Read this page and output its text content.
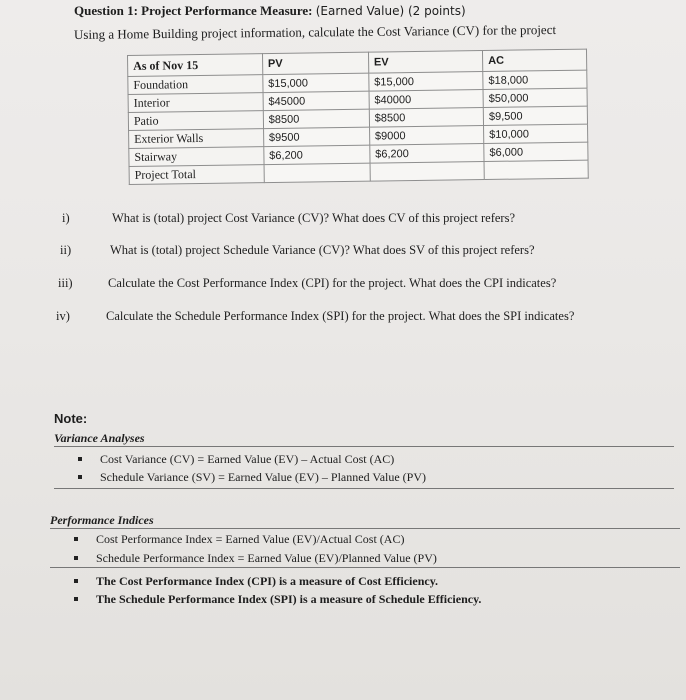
Question 1: Project Performance Measure: (Earned Value) (2 points)
Using a Home Building project information, calculate the Cost Variance (CV) for the project
As of Nov 15	PV	EV	AC
Foundation	$15,000	$15,000	$18,000
Interior	$45000	$40000	$50,000
Patio	$8500	$8500	$9,500
Exterior Walls	$9500	$9000	$10,000
Stairway	$6,200	$6,200	$6,000
Project Total			
i)	What is (total) project Cost Variance (CV)? What does CV of this project refers?
ii)	What is (total) project Schedule Variance (CV)? What does SV of this project refers?
iii)	Calculate the Cost Performance Index (CPI) for the project. What does the CPI indicates?
iv)	Calculate the Schedule Performance Index (SPI) for the project. What does the SPI indicates?
Note:
Variance Analyses
Cost Variance (CV) = Earned Value (EV) – Actual Cost (AC)
Schedule Variance (SV) = Earned Value (EV) – Planned Value (PV)
Performance Indices
Cost Performance Index = Earned Value (EV)/Actual Cost (AC)
Schedule Performance Index = Earned Value (EV)/Planned Value (PV)
The Cost Performance Index (CPI) is a measure of Cost Efficiency.
The Schedule Performance Index (SPI) is a measure of Schedule Efficiency.
